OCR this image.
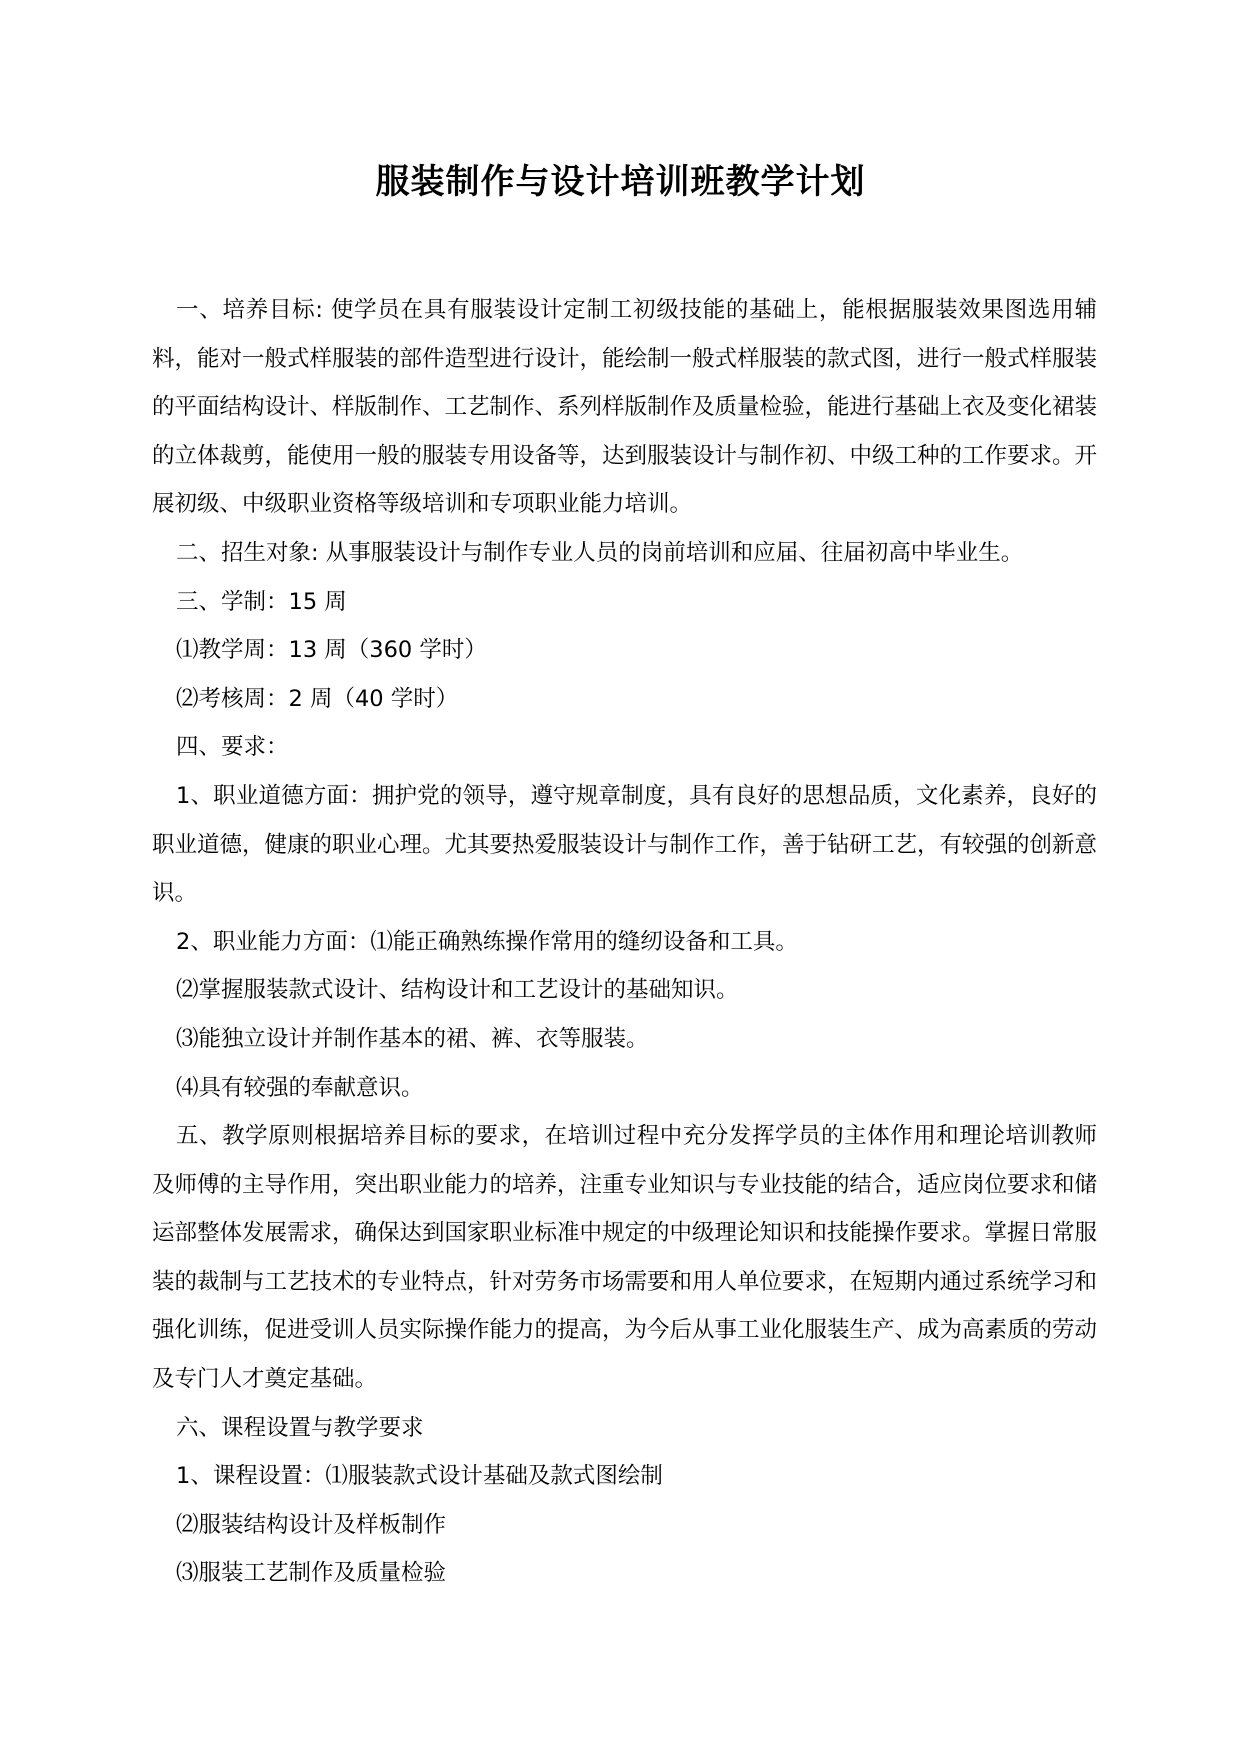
服装制作与设计培训班教学计划

一、培养目标: 使学员在具有服装设计定制工初级技能的基础上，能根据服装效果图选用辅料，能对一般式样服装的部件造型进行设计，能绘制一般式样服装的款式图，进行一般式样服装的平面结构设计、样版制作、工艺制作、系列样版制作及质量检验，能进行基础上衣及变化裙装的立体裁剪，能使用一般的服装专用设备等，达到服装设计与制作初、中级工种的工作要求。开展初级、中级职业资格等级培训和专项职业能力培训。

二、招生对象: 从事服装设计与制作专业人员的岗前培训和应届、往届初高中毕业生。

三、学制：15 周

⑴教学周：13 周（360 学时）

⑵考核周：2 周（40 学时）

四、要求：

1、职业道德方面：拥护党的领导，遵守规章制度，具有良好的思想品质，文化素养，良好的职业道德，健康的职业心理。尤其要热爱服装设计与制作工作，善于钻研工艺，有较强的创新意识。

2、职业能力方面：⑴能正确熟练操作常用的缝纫设备和工具。

⑵掌握服装款式设计、结构设计和工艺设计的基础知识。

⑶能独立设计并制作基本的裙、裤、衣等服装。

⑷具有较强的奉献意识。

五、教学原则根据培养目标的要求，在培训过程中充分发挥学员的主体作用和理论培训教师及师傅的主导作用，突出职业能力的培养，注重专业知识与专业技能的结合，适应岗位要求和储运部整体发展需求，确保达到国家职业标准中规定的中级理论知识和技能操作要求。掌握日常服装的裁制与工艺技术的专业特点，针对劳务市场需要和用人单位要求，在短期内通过系统学习和强化训练，促进受训人员实际操作能力的提高，为今后从事工业化服装生产、成为高素质的劳动及专门人才奠定基础。

六、课程设置与教学要求

1、课程设置：⑴服装款式设计基础及款式图绘制

⑵服装结构设计及样板制作

⑶服装工艺制作及质量检验
